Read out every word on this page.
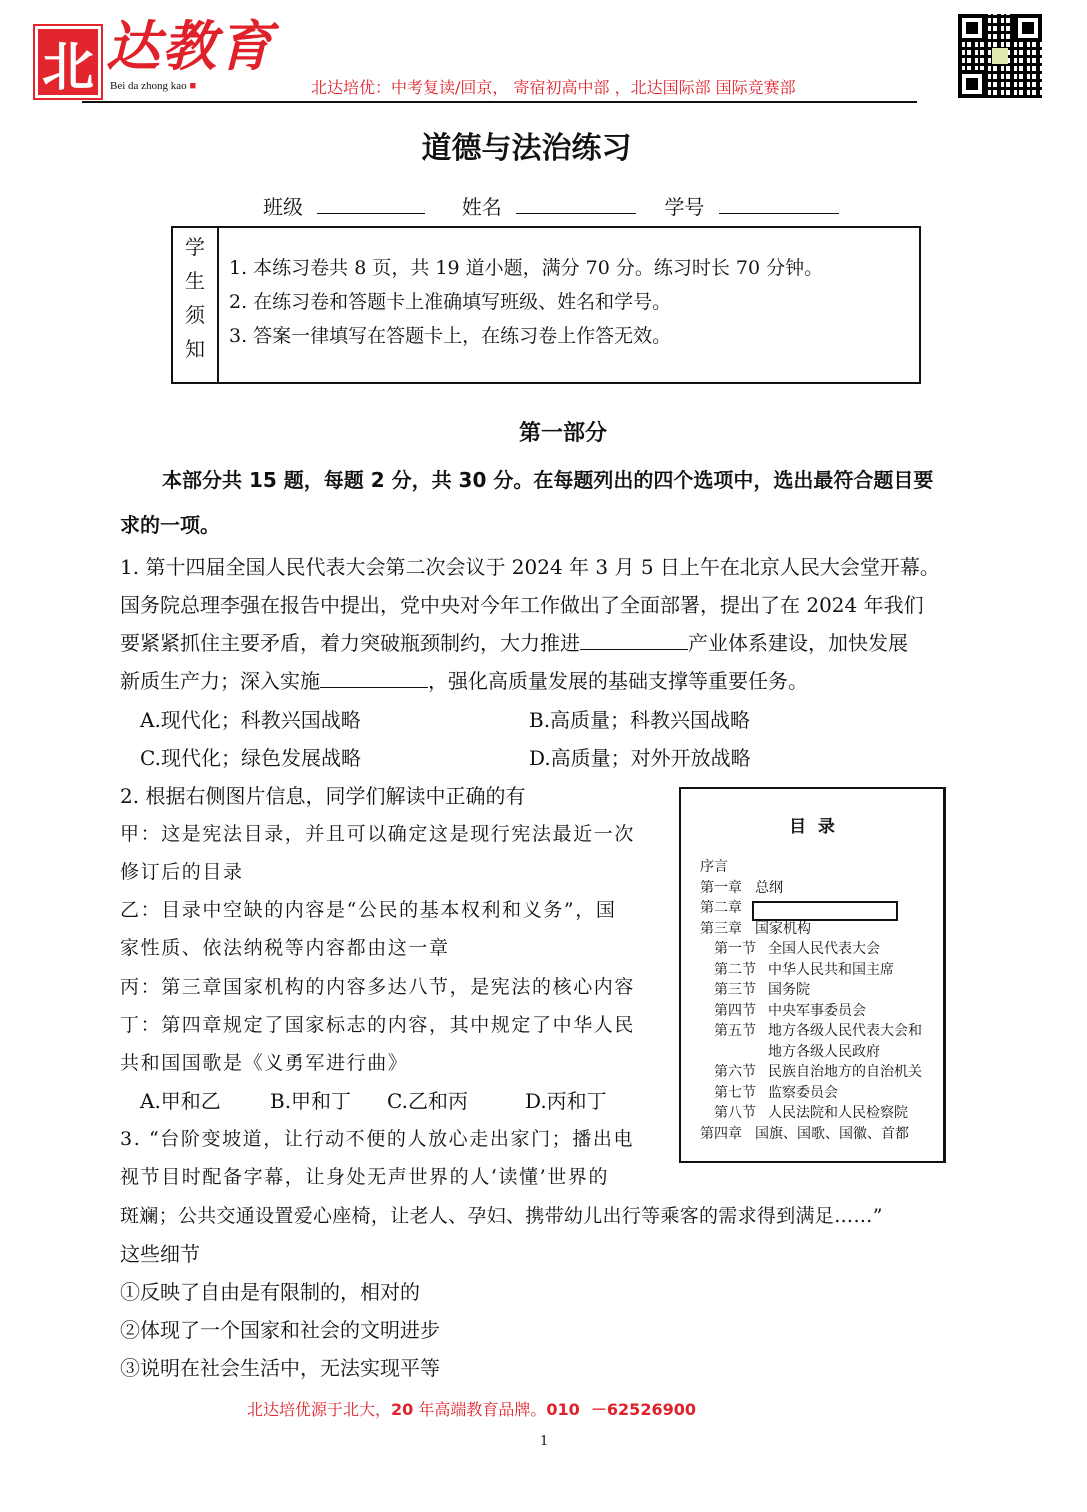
北 达教育
Bei da zhong kao ■	北达培优：中考复读/回京， 寄宿初高中部 ，北达国际部 国际竞赛部
道德与法治练习
班级	姓名	学号
学
生
须
知
1. 本练习卷共 8 页，共 19 道小题，满分 70 分。练习时长 70 分钟。
2. 在练习卷和答题卡上准确填写班级、姓名和学号。
3. 答案一律填写在答题卡上，在练习卷上作答无效。
第一部分
本部分共 15 题，每题 2 分，共 30 分。在每题列出的四个选项中，选出最符合题目要
求的一项。
1. 第十四届全国人民代表大会第二次会议于 2024 年 3 月 5 日上午在北京人民大会堂开幕。
国务院总理李强在报告中提出，党中央对今年工作做出了全面部署，提出了在 2024 年我们
要紧紧抓住主要矛盾，着力突破瓶颈制约，大力推进	产业体系建设，加快发展
新质生产力；深入实施	，强化高质量发展的基础支撑等重要任务。
A.现代化；科教兴国战略	B.高质量；科教兴国战略
C.现代化；绿色发展战略	D.高质量；对外开放战略
2. 根据右侧图片信息，同学们解读中正确的有
甲：这是宪法目录，并且可以确定这是现行宪法最近一次
修订后的目录
乙：目录中空缺的内容是“公民的基本权利和义务”，国
家性质、依法纳税等内容都由这一章
丙：第三章国家机构的内容多达八节，是宪法的核心内容
丁：第四章规定了国家标志的内容，其中规定了中华人民
共和国国歌是《义勇军进行曲》
A.甲和乙 B.甲和丁 C.乙和丙	D.丙和丁
目  录
序言
第一章 总纲
第二章
第三章 国家机构
第一节 全国人民代表大会
第二节 中华人民共和国主席
第三节 国务院
第四节 中央军事委员会
第五节 地方各级人民代表大会和
地方各级人民政府
第六节 民族自治地方的自治机关
第七节 监察委员会
第八节 人民法院和人民检察院
第四章 国旗、国歌、国徽、首都
3. “台阶变坡道，让行动不便的人放心走出家门；播出电
视节目时配备字幕，让身处无声世界的人‘读懂’世界的
斑斓；公共交通设置爱心座椅，让老人、孕妇、携带幼儿出行等乘客的需求得到满足……”
这些细节
①反映了自由是有限制的，相对的
②体现了一个国家和社会的文明进步
③说明在社会生活中，无法实现平等
北达培优源于北大，20 年高端教育品牌。010  －62526900
1
